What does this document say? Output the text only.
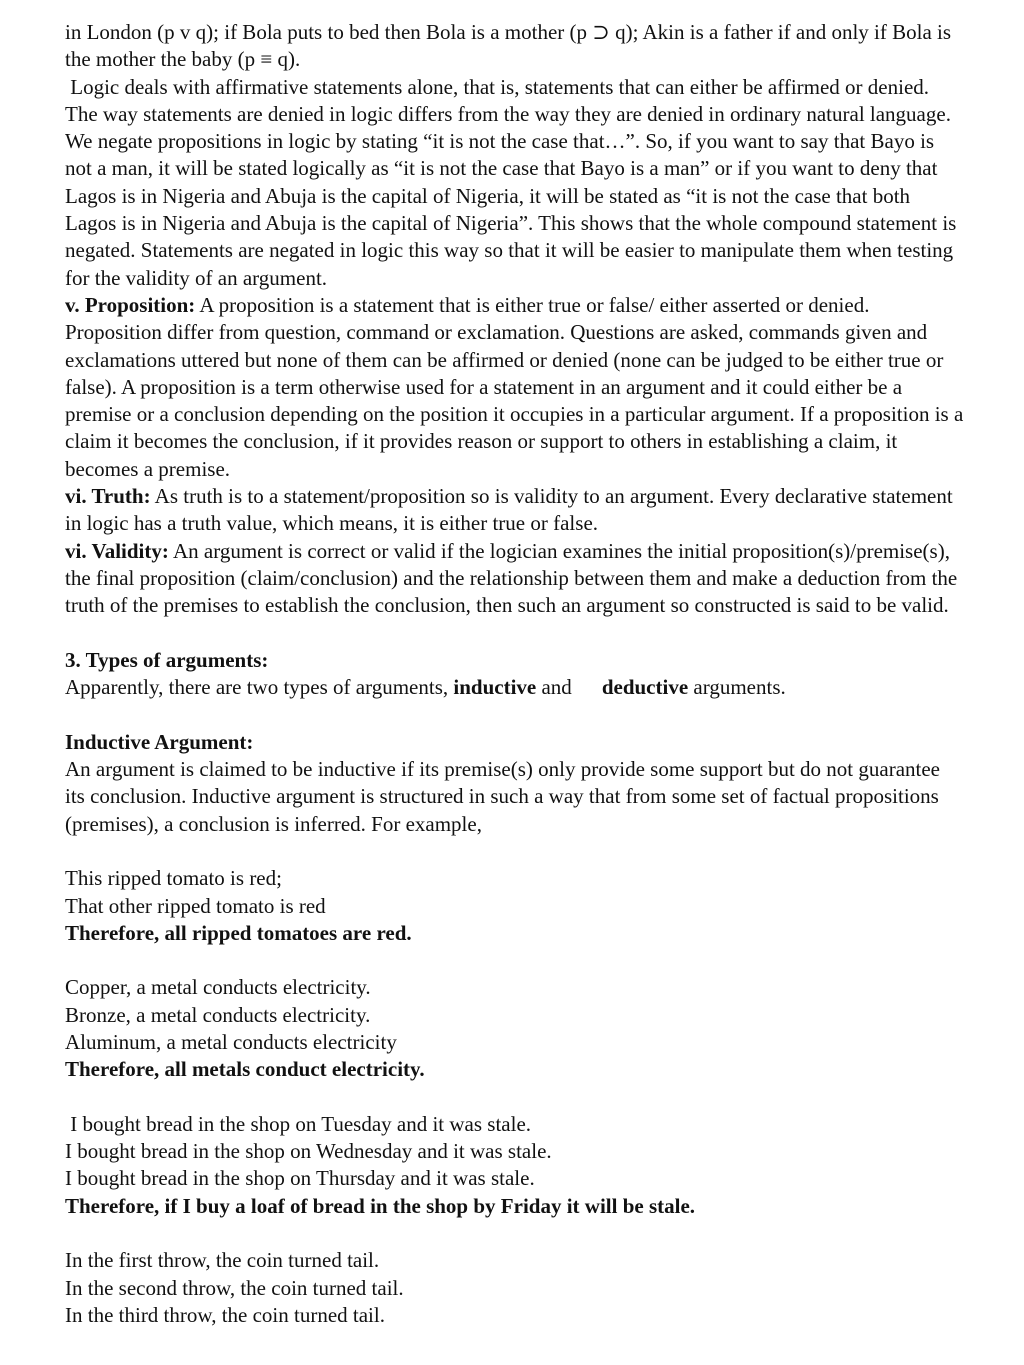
in London (p v q); if Bola puts to bed then Bola is a mother (p ⊃ q); Akin is a father if and only if Bola is the mother the baby (p ≡ q).

Logic deals with affirmative statements alone, that is, statements that can either be affirmed or denied. The way statements are denied in logic differs from the way they are denied in ordinary natural language. We negate propositions in logic by stating “it is not the case that…”. So, if you want to say that Bayo is not a man, it will be stated logically as “it is not the case that Bayo is a man” or if you want to deny that Lagos is in Nigeria and Abuja is the capital of Nigeria, it will be stated as “it is not the case that both Lagos is in Nigeria and Abuja is the capital of Nigeria”. This shows that the whole compound statement is negated. Statements are negated in logic this way so that it will be easier to manipulate them when testing for the validity of an argument.

v. Proposition: A proposition is a statement that is either true or false/ either asserted or denied. Proposition differ from question, command or exclamation. Questions are asked, commands given and exclamations uttered but none of them can be affirmed or denied (none can be judged to be either true or false). A proposition is a term otherwise used for a statement in an argument and it could either be a premise or a conclusion depending on the position it occupies in a particular argument. If a proposition is a claim it becomes the conclusion, if it provides reason or support to others in establishing a claim, it becomes a premise.

vi. Truth: As truth is to a statement/proposition so is validity to an argument. Every declarative statement in logic has a truth value, which means, it is either true or false.

vi. Validity: An argument is correct or valid if the logician examines the initial proposition(s)/premise(s), the final proposition (claim/conclusion) and the relationship between them and make a deduction from the truth of the premises to establish the conclusion, then such an argument so constructed is said to be valid.

3. Types of arguments:

Apparently, there are two types of arguments, inductive and deductive arguments.

Inductive Argument:

An argument is claimed to be inductive if its premise(s) only provide some support but do not guarantee its conclusion. Inductive argument is structured in such a way that from some set of factual propositions (premises), a conclusion is inferred. For example,

This ripped tomato is red;

That other ripped tomato is red

Therefore, all ripped tomatoes are red.

Copper, a metal conducts electricity.

Bronze, a metal conducts electricity.

Aluminum, a metal conducts electricity

Therefore, all metals conduct electricity.

I bought bread in the shop on Tuesday and it was stale.

I bought bread in the shop on Wednesday and it was stale.

I bought bread in the shop on Thursday and it was stale.

Therefore, if I buy a loaf of bread in the shop by Friday it will be stale.

In the first throw, the coin turned tail.

In the second throw, the coin turned tail.

In the third throw, the coin turned tail.
